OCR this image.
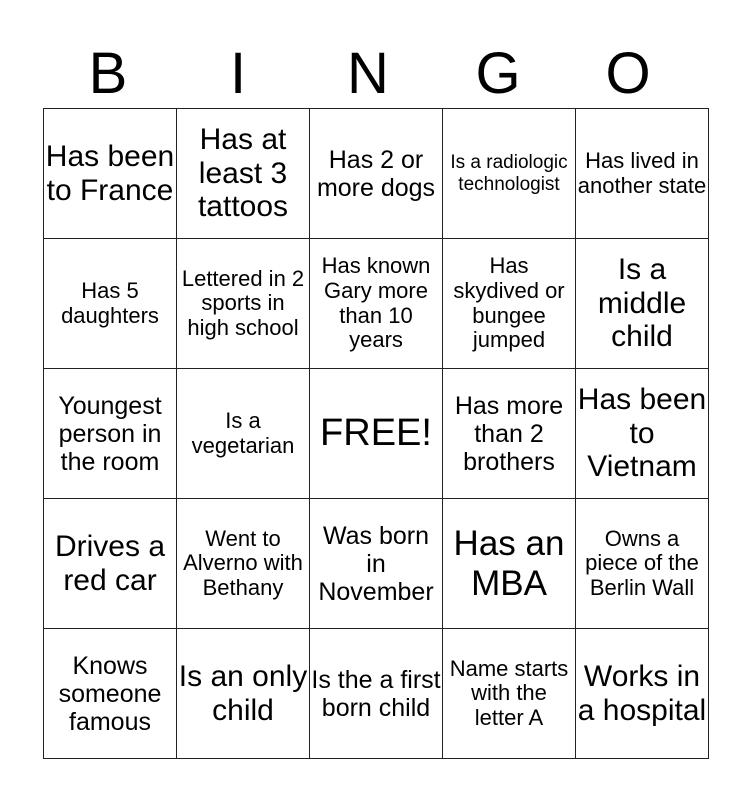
B	I	N	G	O
Has been to France	Has at least 3 tattoos	Has 2 or more dogs	Is a radiologic technologist	Has lived in another state
Has 5 daughters	Lettered in 2 sports in high school	Has known Gary more than 10 years	Has skydived or bungee jumped	Is a middle child
Youngest person in the room	Is a vegetarian	FREE!	Has more than 2 brothers	Has been to Vietnam
Drives a red car	Went to Alverno with Bethany	Was born in November	Has an MBA	Owns a piece of the Berlin Wall
Knows someone famous	Is an only child	Is the a first born child	Name starts with the letter A	Works in a hospital
